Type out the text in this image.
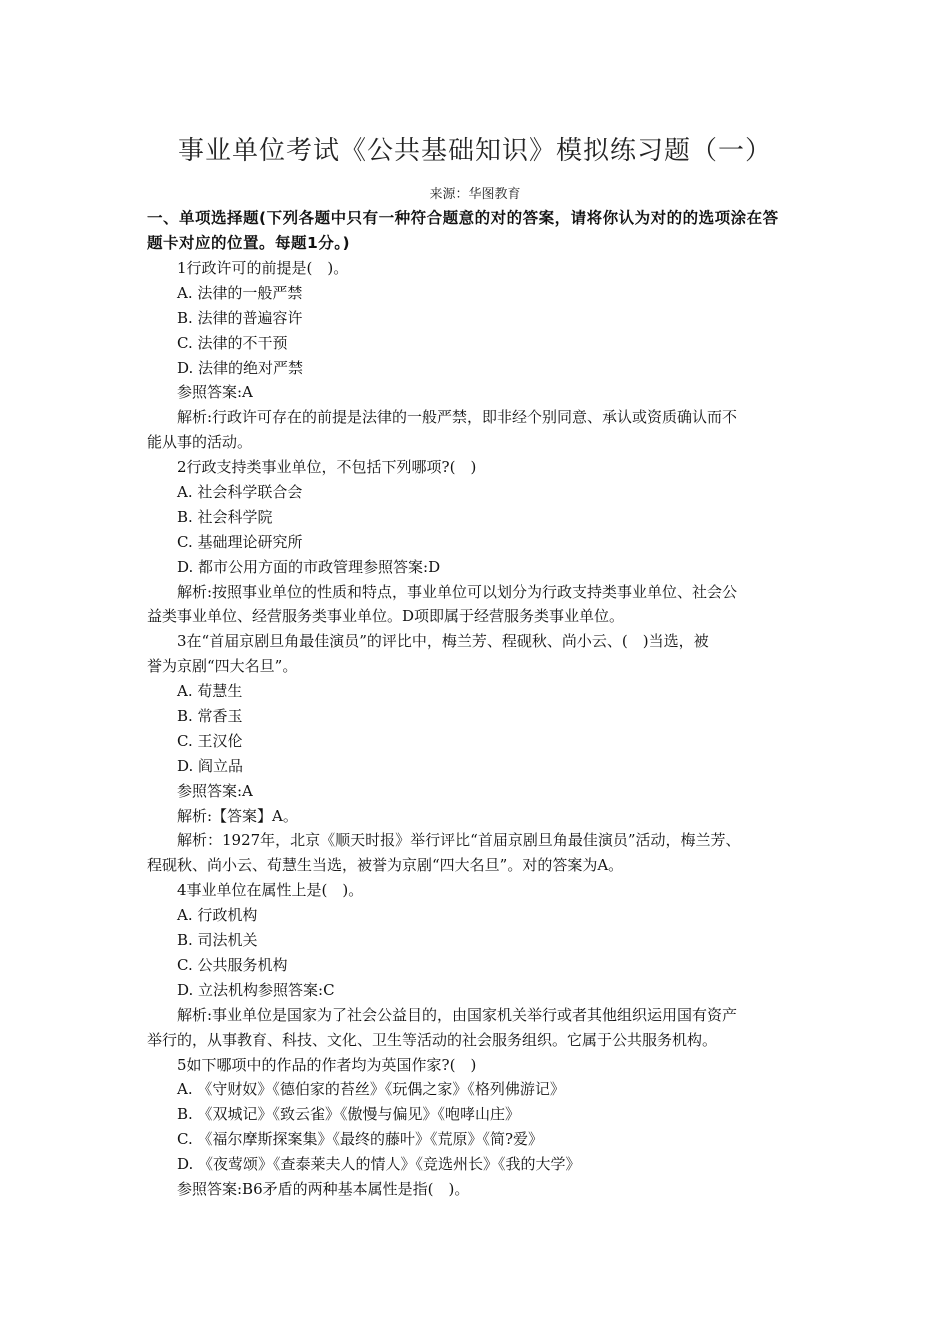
事业单位考试《公共基础知识》模拟练习题（一）
来源：华图教育
一、单项选择题(下列各题中只有一种符合题意的对的答案，请将你认为对的的选项涂在答
题卡对应的位置。每题1分。)
1行政许可的前提是(　)。
A. 法律的一般严禁
B. 法律的普遍容许
C. 法律的不干预
D. 法律的绝对严禁
参照答案:A
解析:行政许可存在的前提是法律的一般严禁，即非经个别同意、承认或资质确认而不
能从事的活动。
2行政支持类事业单位，不包括下列哪项?(　)
A. 社会科学联合会
B. 社会科学院
C. 基础理论研究所
D. 都市公用方面的市政管理参照答案:D
解析:按照事业单位的性质和特点，事业单位可以划分为行政支持类事业单位、社会公
益类事业单位、经营服务类事业单位。D项即属于经营服务类事业单位。
3在“首届京剧旦角最佳演员”的评比中，梅兰芳、程砚秋、尚小云、(　)当选，被
誉为京剧“四大名旦”。
A. 荀慧生
B. 常香玉
C. 王汉伦
D. 阎立品
参照答案:A
解析:【答案】A。
解析：1927年，北京《顺天时报》举行评比“首届京剧旦角最佳演员”活动，梅兰芳、
程砚秋、尚小云、荀慧生当选，被誉为京剧“四大名旦”。对的答案为A。
4事业单位在属性上是(　)。
A. 行政机构
B. 司法机关
C. 公共服务机构
D. 立法机构参照答案:C
解析:事业单位是国家为了社会公益目的，由国家机关举行或者其他组织运用国有资产
举行的，从事教育、科技、文化、卫生等活动的社会服务组织。它属于公共服务机构。
5如下哪项中的作品的作者均为英国作家?(　)
A. 《守财奴》《德伯家的苔丝》《玩偶之家》《格列佛游记》
B. 《双城记》《致云雀》《傲慢与偏见》《咆哮山庄》
C. 《福尔摩斯探案集》《最终的藤叶》《荒原》《简?爱》
D. 《夜莺颂》《查泰莱夫人的情人》《竞选州长》《我的大学》
参照答案:B6矛盾的两种基本属性是指(　)。
